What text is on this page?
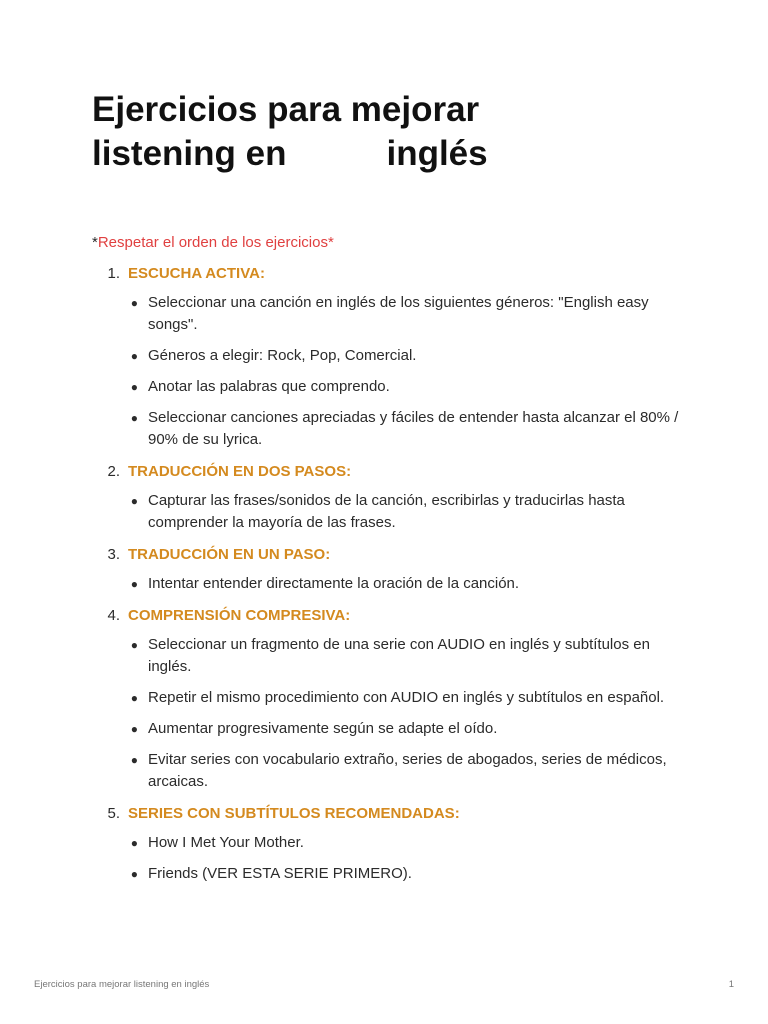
Ejercicios para mejorar
listening en	inglés
*Respetar el orden de los ejercicios*
1. ESCUCHA ACTIVA:
● Seleccionar una canción en inglés de los siguientes géneros: "English easy songs".
● Géneros a elegir: Rock, Pop, Comercial.
● Anotar las palabras que comprendo.
● Seleccionar canciones apreciadas y fáciles de entender hasta alcanzar el 80% / 90% de su lyrica.
2. TRADUCCIÓN EN DOS PASOS:
● Capturar las frases/sonidos de la canción, escribirlas y traducirlas hasta comprender la mayoría de las frases.
3. TRADUCCIÓN EN UN PASO:
● Intentar entender directamente la oración de la canción.
4. COMPRENSIÓN COMPRESIVA:
● Seleccionar un fragmento de una serie con AUDIO en inglés y subtítulos en inglés.
● Repetir el mismo procedimiento con AUDIO en inglés y subtítulos en español.
● Aumentar progresivamente según se adapte el oído.
● Evitar series con vocabulario extraño, series de abogados, series de médicos, arcaicas.
5. SERIES CON SUBTÍTULOS RECOMENDADAS:
● How I Met Your Mother.
● Friends (VER ESTA SERIE PRIMERO).
Ejercicios para mejorar listening en inglés	1
